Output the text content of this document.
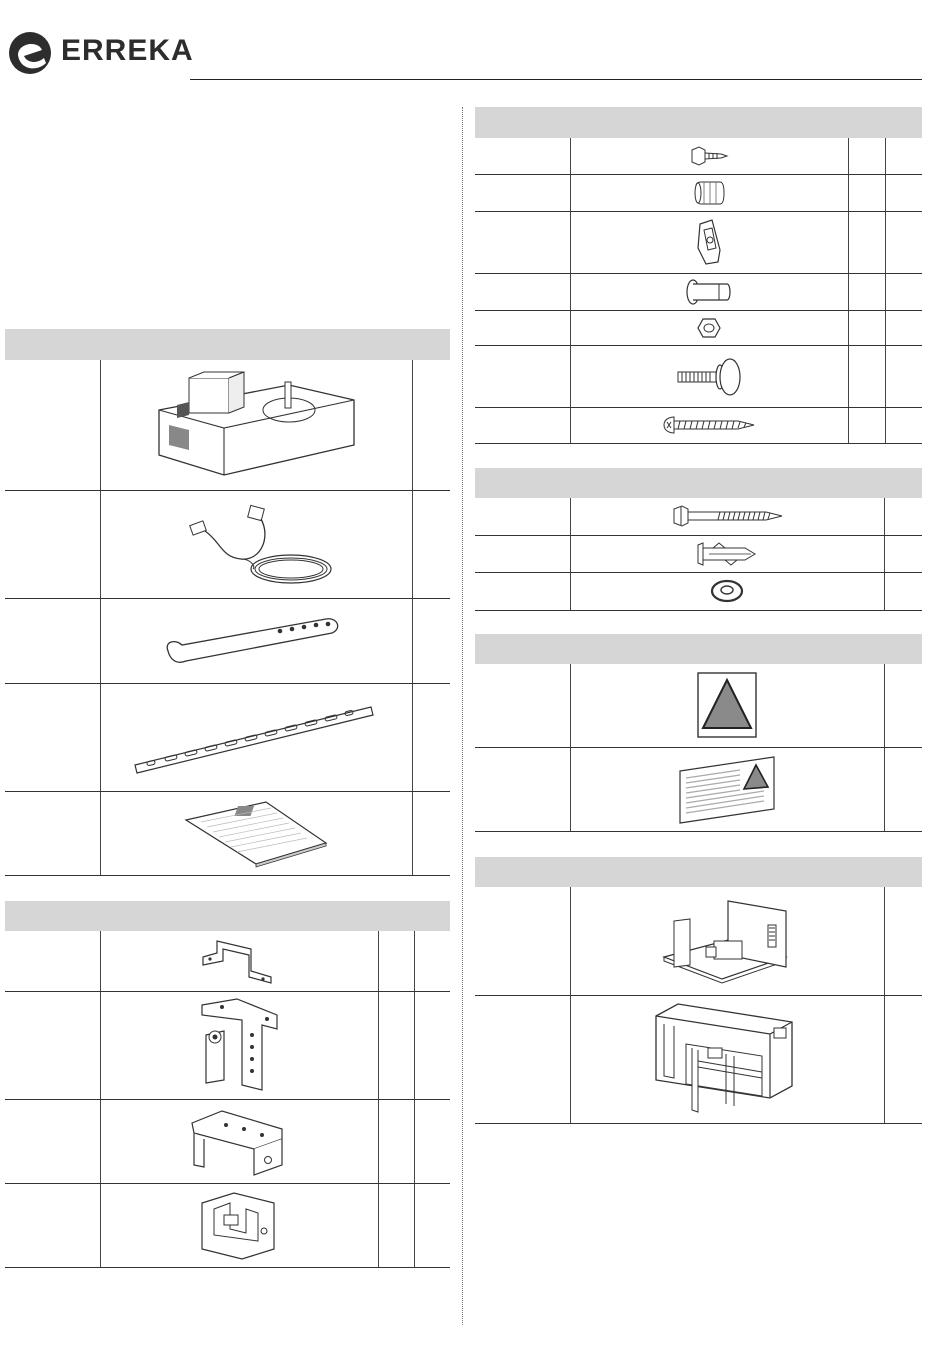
ERREKA
